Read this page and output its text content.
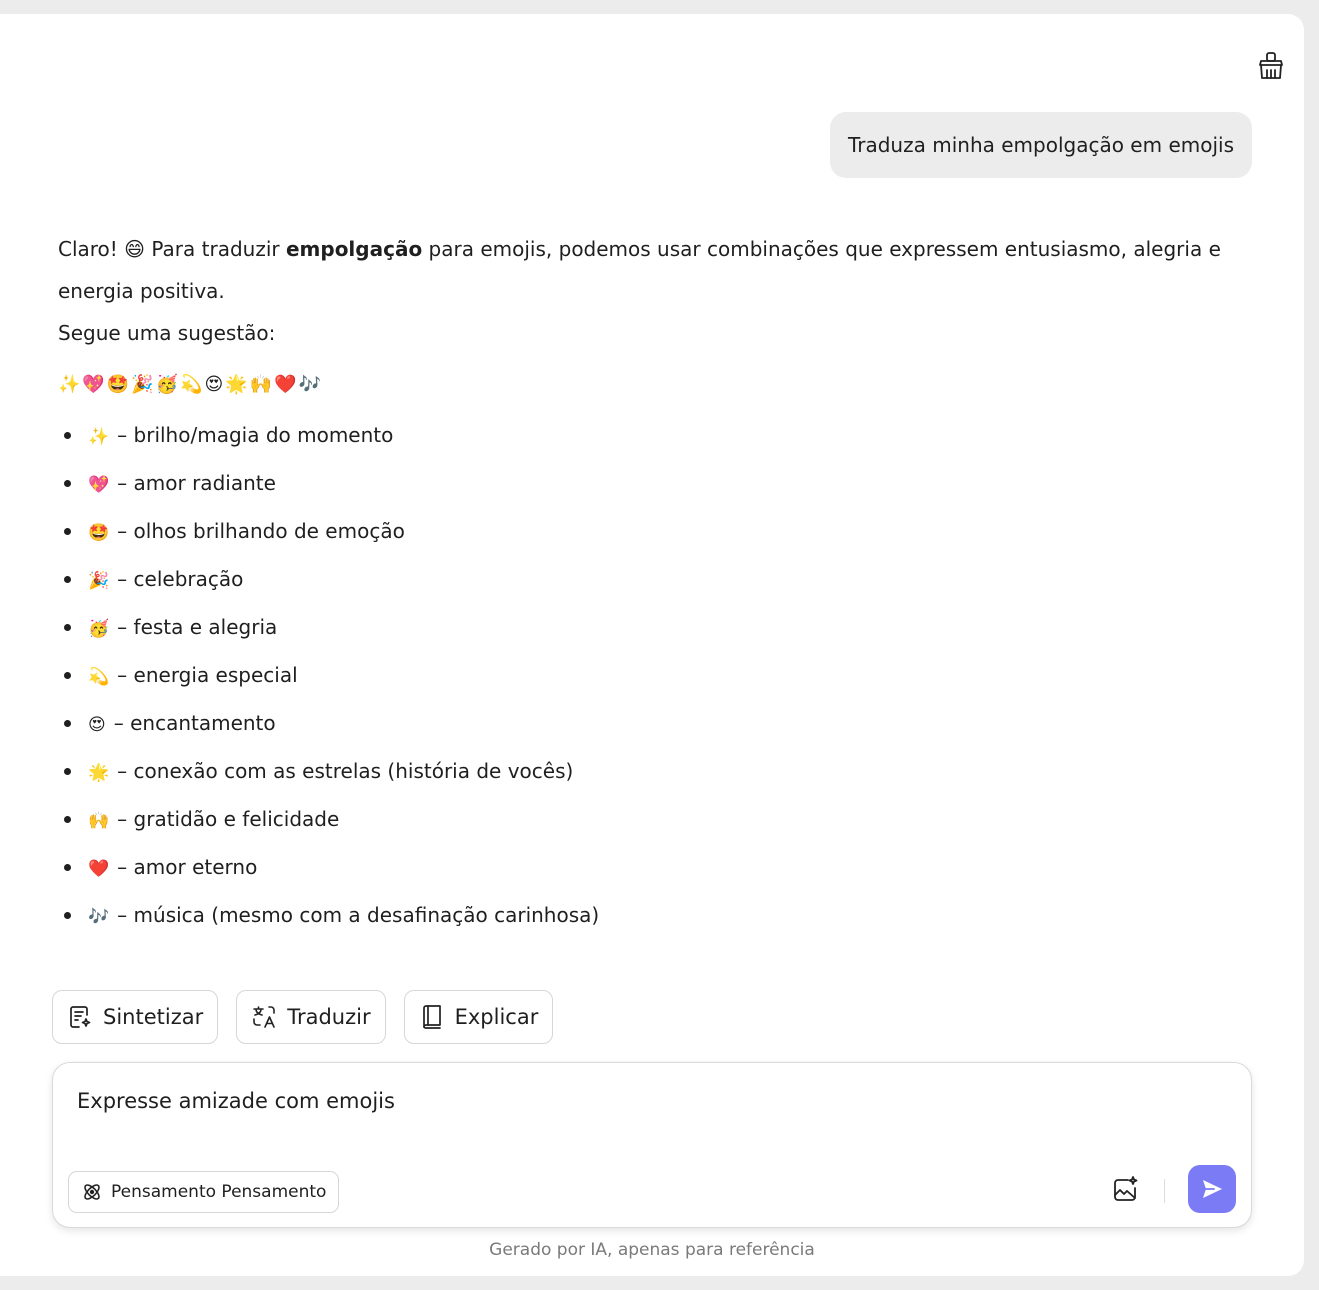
Traduza minha empolgação em emojis

Claro! 😄 Para traduzir empolgação para emojis, podemos usar combinações que expressem entusiasmo, alegria e energia positiva.

Segue uma sugestão:

✨💖🤩🎉🥳💫😍🌟🙌❤️🎶
✨ – brilho/magia do momento
💖 – amor radiante
🤩 – olhos brilhando de emoção
🎉 – celebração
🥳 – festa e alegria
💫 – energia especial
😍 – encantamento
🌟 – conexão com as estrelas (história de vocês)
🙌 – gratidão e felicidade
❤️ – amor eterno
🎶 – música (mesmo com a desafinação carinhosa)
Sintetizar	Traduzir	Explicar
Expresse amizade com emojis
Pensamento Pensamento
Gerado por IA, apenas para referência
